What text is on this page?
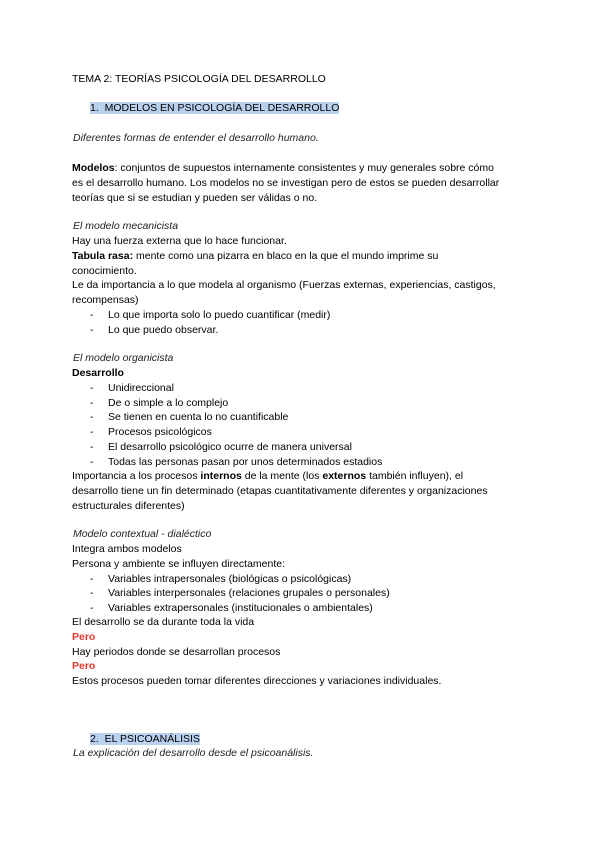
TEMA 2: TEORÍAS PSICOLOGÍA DEL DESARROLLO
1. MODELOS EN PSICOLOGÍA DEL DESARROLLO
Diferentes formas de entender el desarrollo humano.
Modelos: conjuntos de supuestos internamente consistentes y muy generales sobre cómo
es el desarrollo humano. Los modelos no se investigan pero de estos se pueden desarrollar
teorías que si se estudian y pueden ser válidas o no.
El modelo mecanicista
Hay una fuerza externa que lo hace funcionar.
Tabula rasa: mente como una pizarra en blaco en la que el mundo imprime su
conocimiento.
Le da importancia a lo que modela al organismo (Fuerzas externas, experiencias, castigos,
recompensas)
- Lo que importa solo lo puedo cuantificar (medir)
- Lo que puedo observar.
El modelo organicista
Desarrollo
- Unidireccional
- De o simple a lo complejo
- Se tienen en cuenta lo no cuantificable
- Procesos psicológicos
- El desarrollo psicológico ocurre de manera universal
- Todas las personas pasan por unos determinados estadios
Importancia a los procesos internos de la mente (los externos también influyen), el
desarrollo tiene un fin determinado (etapas cuantitativamente diferentes y organizaciones
estructurales diferentes)
Modelo contextual - dialéctico
Integra ambos modelos
Persona y ambiente se influyen directamente:
- Variables intrapersonales (biológicas o psicológicas)
- Variables interpersonales (relaciones grupales o personales)
- Variables extrapersonales (institucionales o ambientales)
El desarrollo se da durante toda la vida
Pero
Hay periodos donde se desarrollan procesos
Pero
Estos procesos pueden tomar diferentes direcciones y variaciones individuales.
2. EL PSICOANÁLISIS
La explicación del desarrollo desde el psicoanálisis.
